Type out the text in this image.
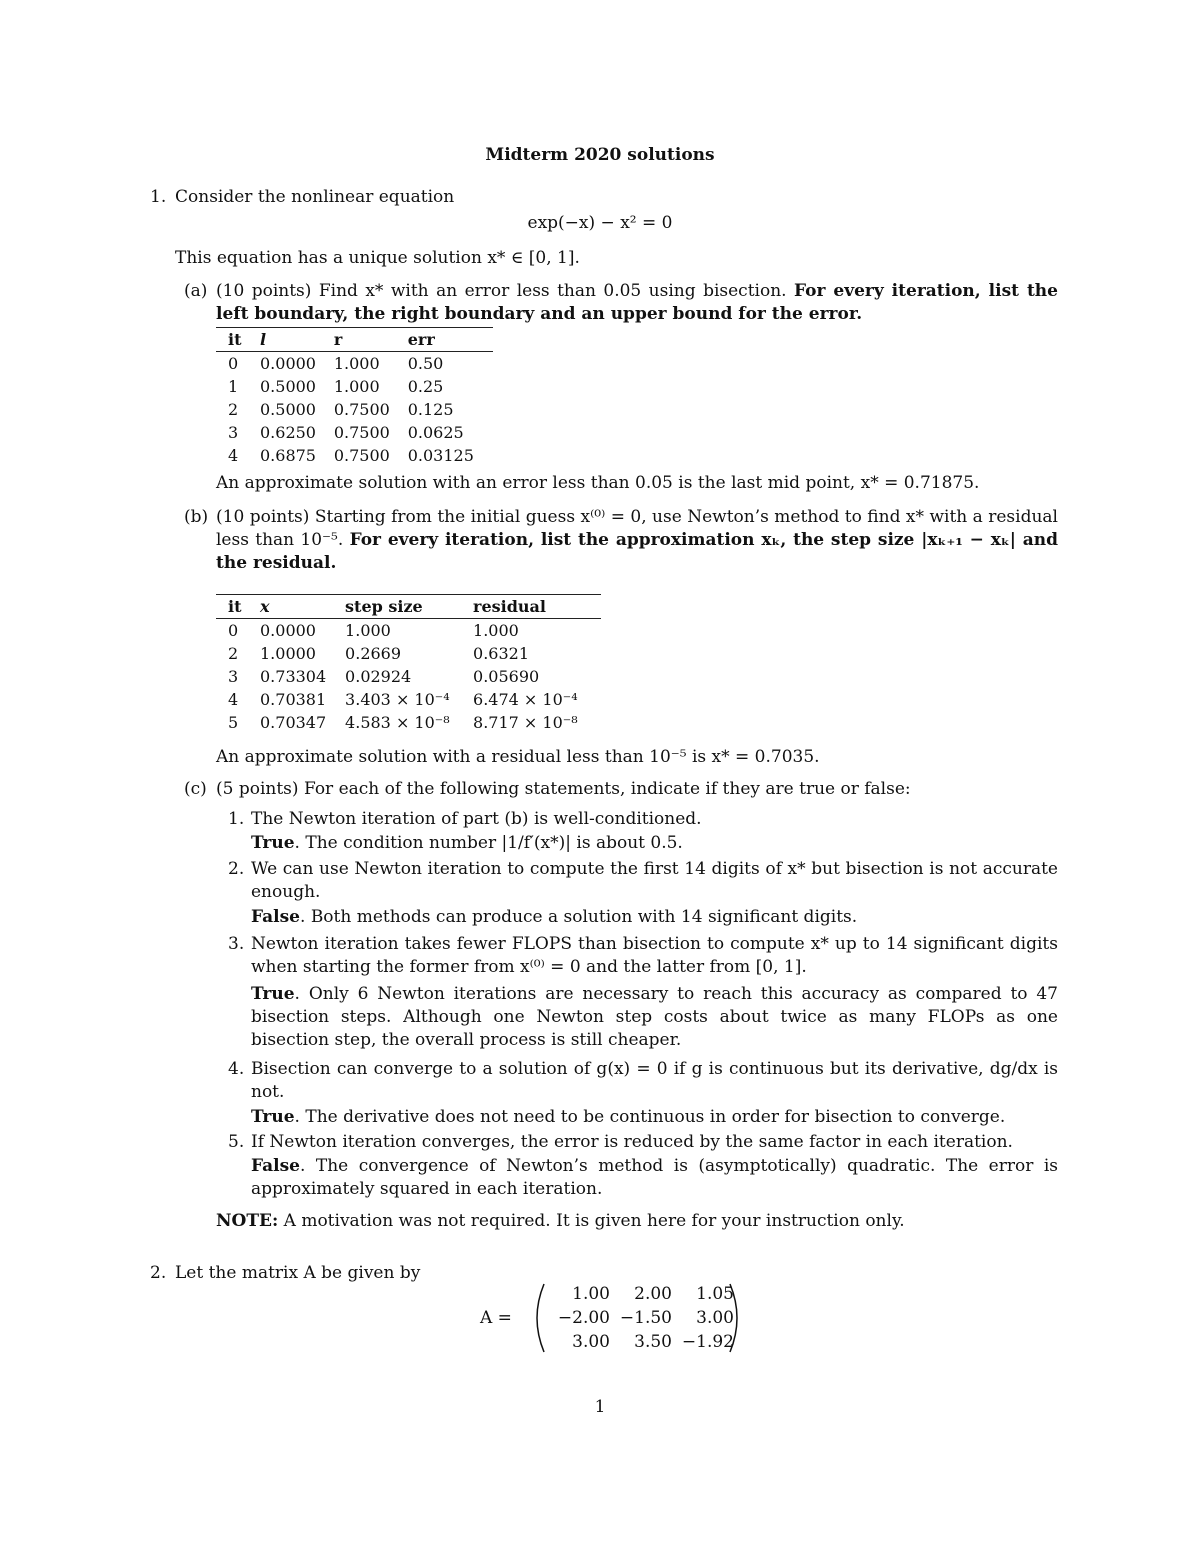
Midterm 2020 solutions
1. Consider the nonlinear equation
exp(−x) − x² = 0
This equation has a unique solution x* ∈ [0, 1].
(a) (10 points) Find x* with an error less than 0.05 using bisection. For every iteration, list the left boundary, the right boundary and an upper bound for the error.
it	l	r	err
0	0.0000	1.000	0.50
1	0.5000	1.000	0.25
2	0.5000	0.7500	0.125
3	0.6250	0.7500	0.0625
4	0.6875	0.7500	0.03125
An approximate solution with an error less than 0.05 is the last mid point, x* = 0.71875.
(b) (10 points) Starting from the initial guess x⁽⁰⁾ = 0, use Newton’s method to find x* with a residual less than 10⁻⁵. For every iteration, list the approximation xₖ, the step size |xₖ₊₁ − xₖ| and the residual.
it	x	step size	residual
0	0.0000	1.000	1.000
2	1.0000	0.2669	0.6321
3	0.73304	0.02924	0.05690
4	0.70381	3.403 × 10⁻⁴	6.474 × 10⁻⁴
5	0.70347	4.583 × 10⁻⁸	8.717 × 10⁻⁸
An approximate solution with a residual less than 10⁻⁵ is x* = 0.7035.
(c) (5 points) For each of the following statements, indicate if they are true or false:
1. The Newton iteration of part (b) is well-conditioned.
True. The condition number |1/f′(x*)| is about 0.5.
2. We can use Newton iteration to compute the first 14 digits of x* but bisection is not accurate enough.
False. Both methods can produce a solution with 14 significant digits.
3. Newton iteration takes fewer FLOPS than bisection to compute x* up to 14 significant digits when starting the former from x⁽⁰⁾ = 0 and the latter from [0, 1].
True. Only 6 Newton iterations are necessary to reach this accuracy as compared to 47 bisection steps. Although one Newton step costs about twice as many FLOPs as one bisection step, the overall process is still cheaper.
4. Bisection can converge to a solution of g(x) = 0 if g is continuous but its derivative, dg/dx is not.
True. The derivative does not need to be continuous in order for bisection to converge.
5. If Newton iteration converges, the error is reduced by the same factor in each iteration.
False. The convergence of Newton’s method is (asymptotically) quadratic. The error is approximately squared in each iteration.
NOTE: A motivation was not required. It is given here for your instruction only.
2. Let the matrix A be given by
A =
1.00	2.00	1.05
−2.00 −1.50	3.00
3.00	3.50 −1.92
1
